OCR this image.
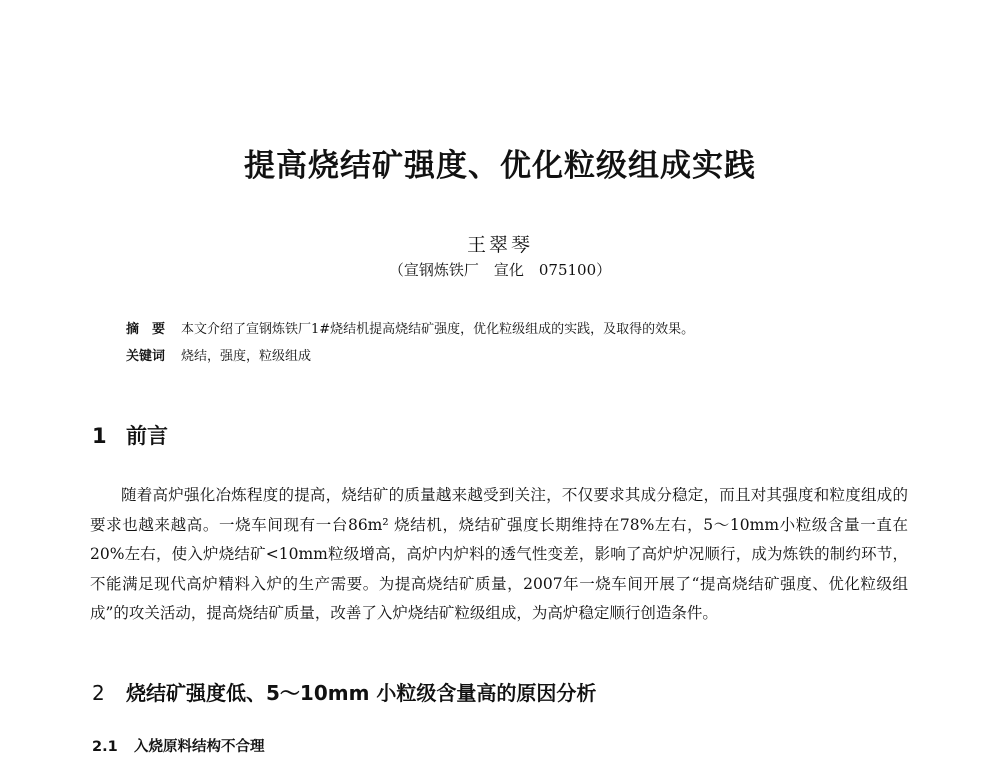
提高烧结矿强度、优化粒级组成实践
王翠琴
（宣钢炼铁厂　宣化　075100）
摘　要 本文介绍了宣钢炼铁厂1#烧结机提高烧结矿强度，优化粒级组成的实践，及取得的效果。
关键词 烧结，强度，粒级组成
1 前言
随着高炉强化冶炼程度的提高，烧结矿的质量越来越受到关注，不仅要求其成分稳定，而且对其强度和粒度组成的要求也越来越高。一烧车间现有一台86m² 烧结机，烧结矿强度长期维持在78%左右，5～10mm小粒级含量一直在20%左右，使入炉烧结矿<10mm粒级增高，高炉内炉料的透气性变差，影响了高炉炉况顺行，成为炼铁的制约环节，不能满足现代高炉精料入炉的生产需要。为提高烧结矿质量，2007年一烧车间开展了“提高烧结矿强度、优化粒级组成”的攻关活动，提高烧结矿质量，改善了入炉烧结矿粒级组成，为高炉稳定顺行创造条件。
2 烧结矿强度低、5～10mm 小粒级含量高的原因分析
2.1 入烧原料结构不合理
